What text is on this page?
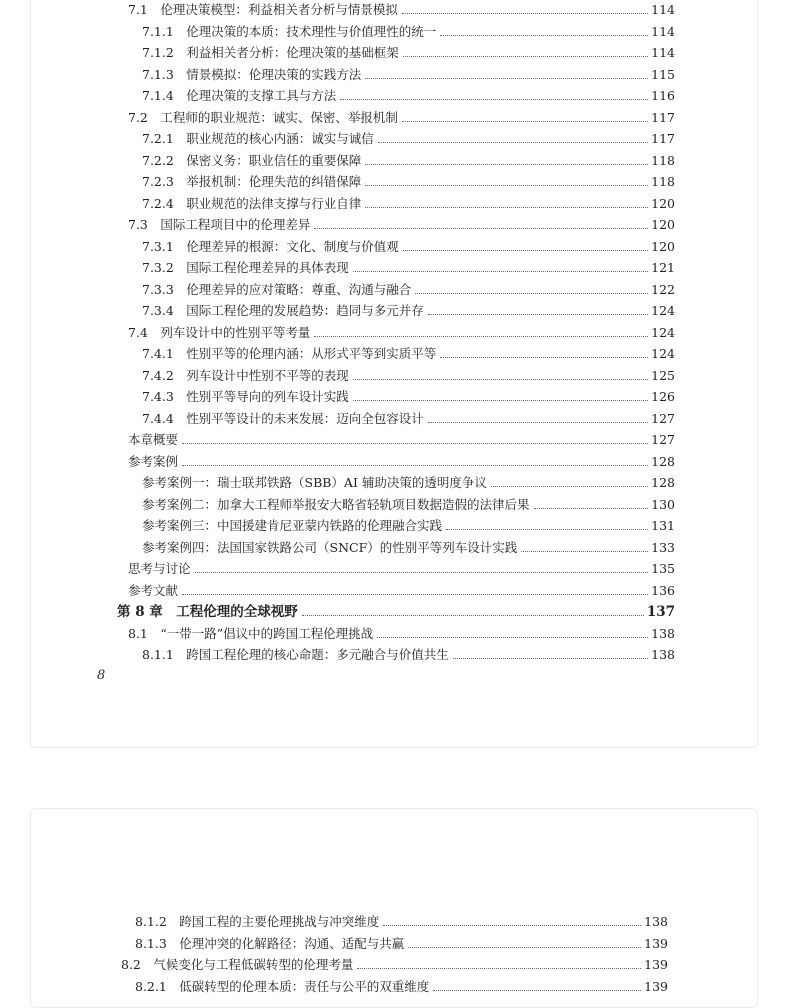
7.1　伦理决策模型：利益相关者分析与情景模拟	114
7.1.1　伦理决策的本质：技术理性与价值理性的统一	114
7.1.2　利益相关者分析：伦理决策的基础框架	114
7.1.3　情景模拟：伦理决策的实践方法	115
7.1.4　伦理决策的支撑工具与方法	116
7.2　工程师的职业规范：诚实、保密、举报机制	117
7.2.1　职业规范的核心内涵：诚实与诚信	117
7.2.2　保密义务：职业信任的重要保障	118
7.2.3　举报机制：伦理失范的纠错保障	118
7.2.4　职业规范的法律支撑与行业自律	120
7.3　国际工程项目中的伦理差异	120
7.3.1　伦理差异的根源：文化、制度与价值观	120
7.3.2　国际工程伦理差异的具体表现	121
7.3.3　伦理差异的应对策略：尊重、沟通与融合	122
7.3.4　国际工程伦理的发展趋势：趋同与多元并存	124
7.4　列车设计中的性别平等考量	124
7.4.1　性别平等的伦理内涵：从形式平等到实质平等	124
7.4.2　列车设计中性别不平等的表现	125
7.4.3　性别平等导向的列车设计实践	126
7.4.4　性别平等设计的未来发展：迈向全包容设计	127
本章概要	127
参考案例	128
参考案例一：瑞士联邦铁路（SBB）AI 辅助决策的透明度争议	128
参考案例二：加拿大工程师举报安大略省轻轨项目数据造假的法律后果	130
参考案例三：中国援建肯尼亚蒙内铁路的伦理融合实践	131
参考案例四：法国国家铁路公司（SNCF）的性别平等列车设计实践	133
思考与讨论	135
参考文献	136
第 8 章　工程伦理的全球视野	137
8.1　“一带一路”倡议中的跨国工程伦理挑战	138
8.1.1　跨国工程伦理的核心命题：多元融合与价值共生	138
8
8.1.2　跨国工程的主要伦理挑战与冲突维度	138
8.1.3　伦理冲突的化解路径：沟通、适配与共赢	139
8.2　气候变化与工程低碳转型的伦理考量	139
8.2.1　低碳转型的伦理本质：责任与公平的双重维度	139
